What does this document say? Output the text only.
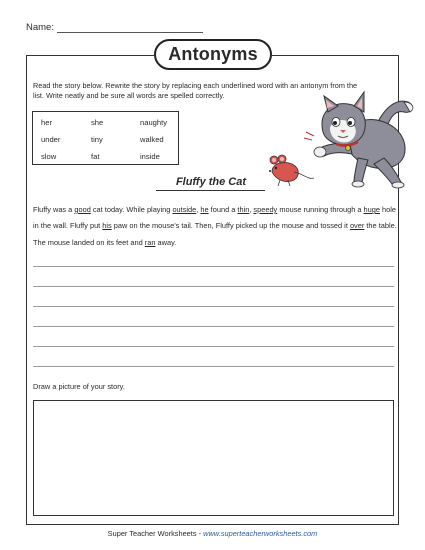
Name:
Antonyms
Read the story below. Rewrite the story by replacing each underlined word with an antonym from the list. Write neatly and be sure all words are spelled correctly.
her	she	naughty
under	tiny	walked
slow	fat	inside
Fluffy the Cat
Fluffy was a good cat today. While playing outside, he found a thin, speedy mouse running through a huge hole in the wall. Fluffy put his paw on the mouse's tail. Then, Fluffy picked up the mouse and tossed it over the table. The mouse landed on its feet and ran away.
Draw a picture of your story.
Super Teacher Worksheets - www.superteacherworksheets.com
